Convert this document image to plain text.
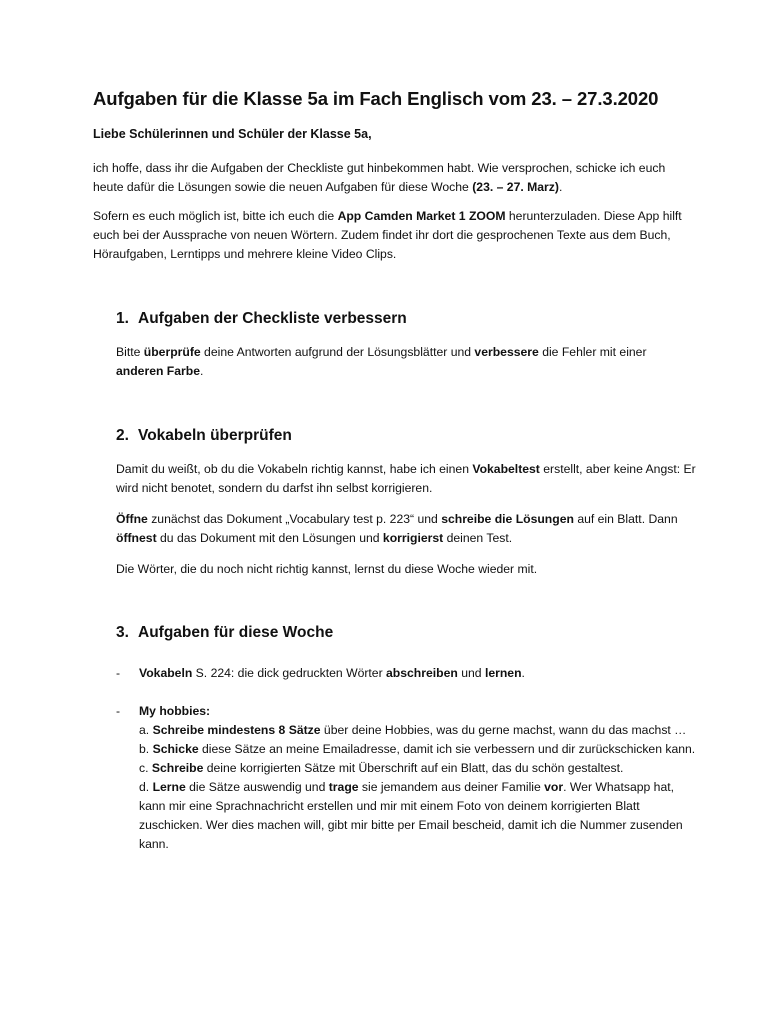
Aufgaben für die Klasse 5a im Fach Englisch vom 23. – 27.3.2020

Liebe Schülerinnen und Schüler der Klasse 5a,

ich hoffe, dass ihr die Aufgaben der Checkliste gut hinbekommen habt. Wie versprochen, schicke ich euch heute dafür die Lösungen sowie die neuen Aufgaben für diese Woche (23. – 27. Marz).

Sofern es euch möglich ist, bitte ich euch die App Camden Market 1 ZOOM herunterzuladen. Diese App hilft euch bei der Aussprache von neuen Wörtern. Zudem findet ihr dort die gesprochenen Texte aus dem Buch, Höraufgaben, Lerntipps und mehrere kleine Video Clips.

1. Aufgaben der Checkliste verbessern

Bitte überprüfe deine Antworten aufgrund der Lösungsblätter und verbessere die Fehler mit einer anderen Farbe.

2. Vokabeln überprüfen

Damit du weißt, ob du die Vokabeln richtig kannst, habe ich einen Vokabeltest erstellt, aber keine Angst: Er wird nicht benotet, sondern du darfst ihn selbst korrigieren.

Öffne zunächst das Dokument „Vocabulary test p. 223“ und schreibe die Lösungen auf ein Blatt. Dann öffnest du das Dokument mit den Lösungen und korrigierst deinen Test.

Die Wörter, die du noch nicht richtig kannst, lernst du diese Woche wieder mit.

3. Aufgaben für diese Woche
- Vokabeln S. 224: die dick gedruckten Wörter abschreiben und lernen.

- My hobbies:
a. Schreibe mindestens 8 Sätze über deine Hobbies, was du gerne machst, wann du das machst …
b. Schicke diese Sätze an meine Emailadresse, damit ich sie verbessern und dir zurückschicken kann.
c. Schreibe deine korrigierten Sätze mit Überschrift auf ein Blatt, das du schön gestaltest.
d. Lerne die Sätze auswendig und trage sie jemandem aus deiner Familie vor. Wer Whatsapp hat, kann mir eine Sprachnachricht erstellen und mir mit einem Foto von deinem korrigierten Blatt zuschicken. Wer dies machen will, gibt mir bitte per Email bescheid, damit ich die Nummer zusenden kann.
